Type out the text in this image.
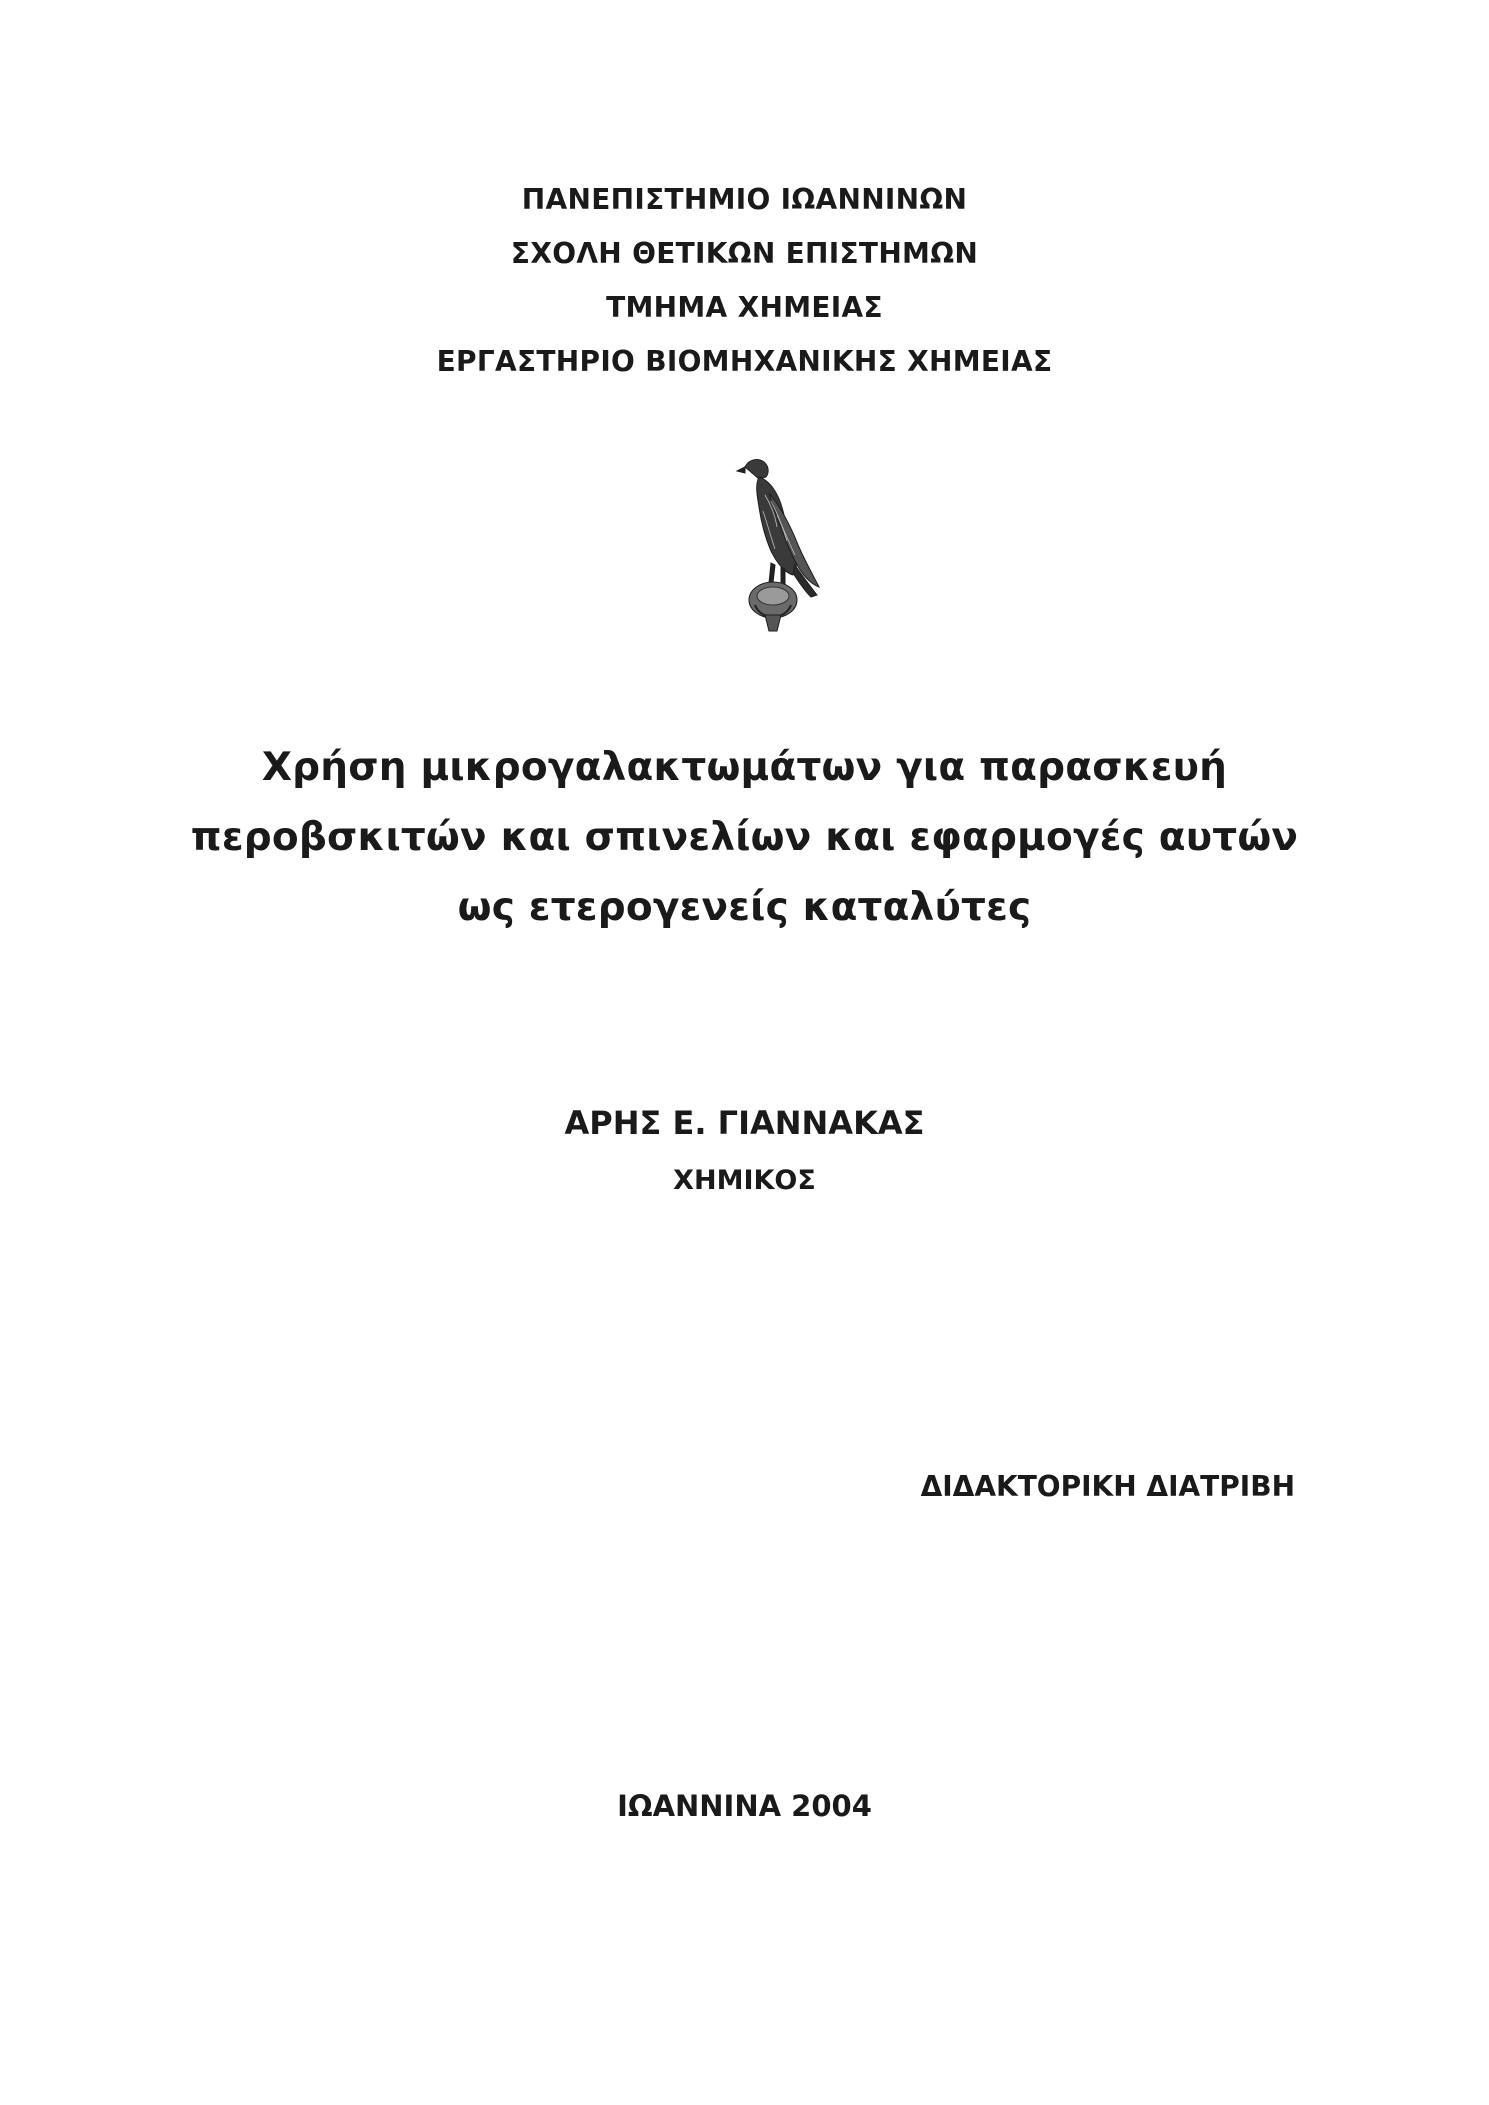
ΠΑΝΕΠΙΣΤΗΜΙΟ ΙΩΑΝΝΙΝΩΝ
ΣΧΟΛΗ ΘΕΤΙΚΩΝ ΕΠΙΣΤΗΜΩΝ
ΤΜΗΜΑ ΧΗΜΕΙΑΣ
ΕΡΓΑΣΤΗΡΙΟ ΒΙΟΜΗΧΑΝΙΚΗΣ ΧΗΜΕΙΑΣ
Χρήση μικρογαλακτωμάτων για παρασκευή
περοβσκιτών και σπινελίων και εφαρμογές αυτών
ως ετερογενείς καταλύτες
ΑΡΗΣ Ε. ΓΙΑΝΝΑΚΑΣ
ΧΗΜΙΚΟΣ
ΔΙΔΑΚΤΟΡΙΚΗ ΔΙΑΤΡΙΒΗ
ΙΩΑΝΝΙΝΑ 2004
